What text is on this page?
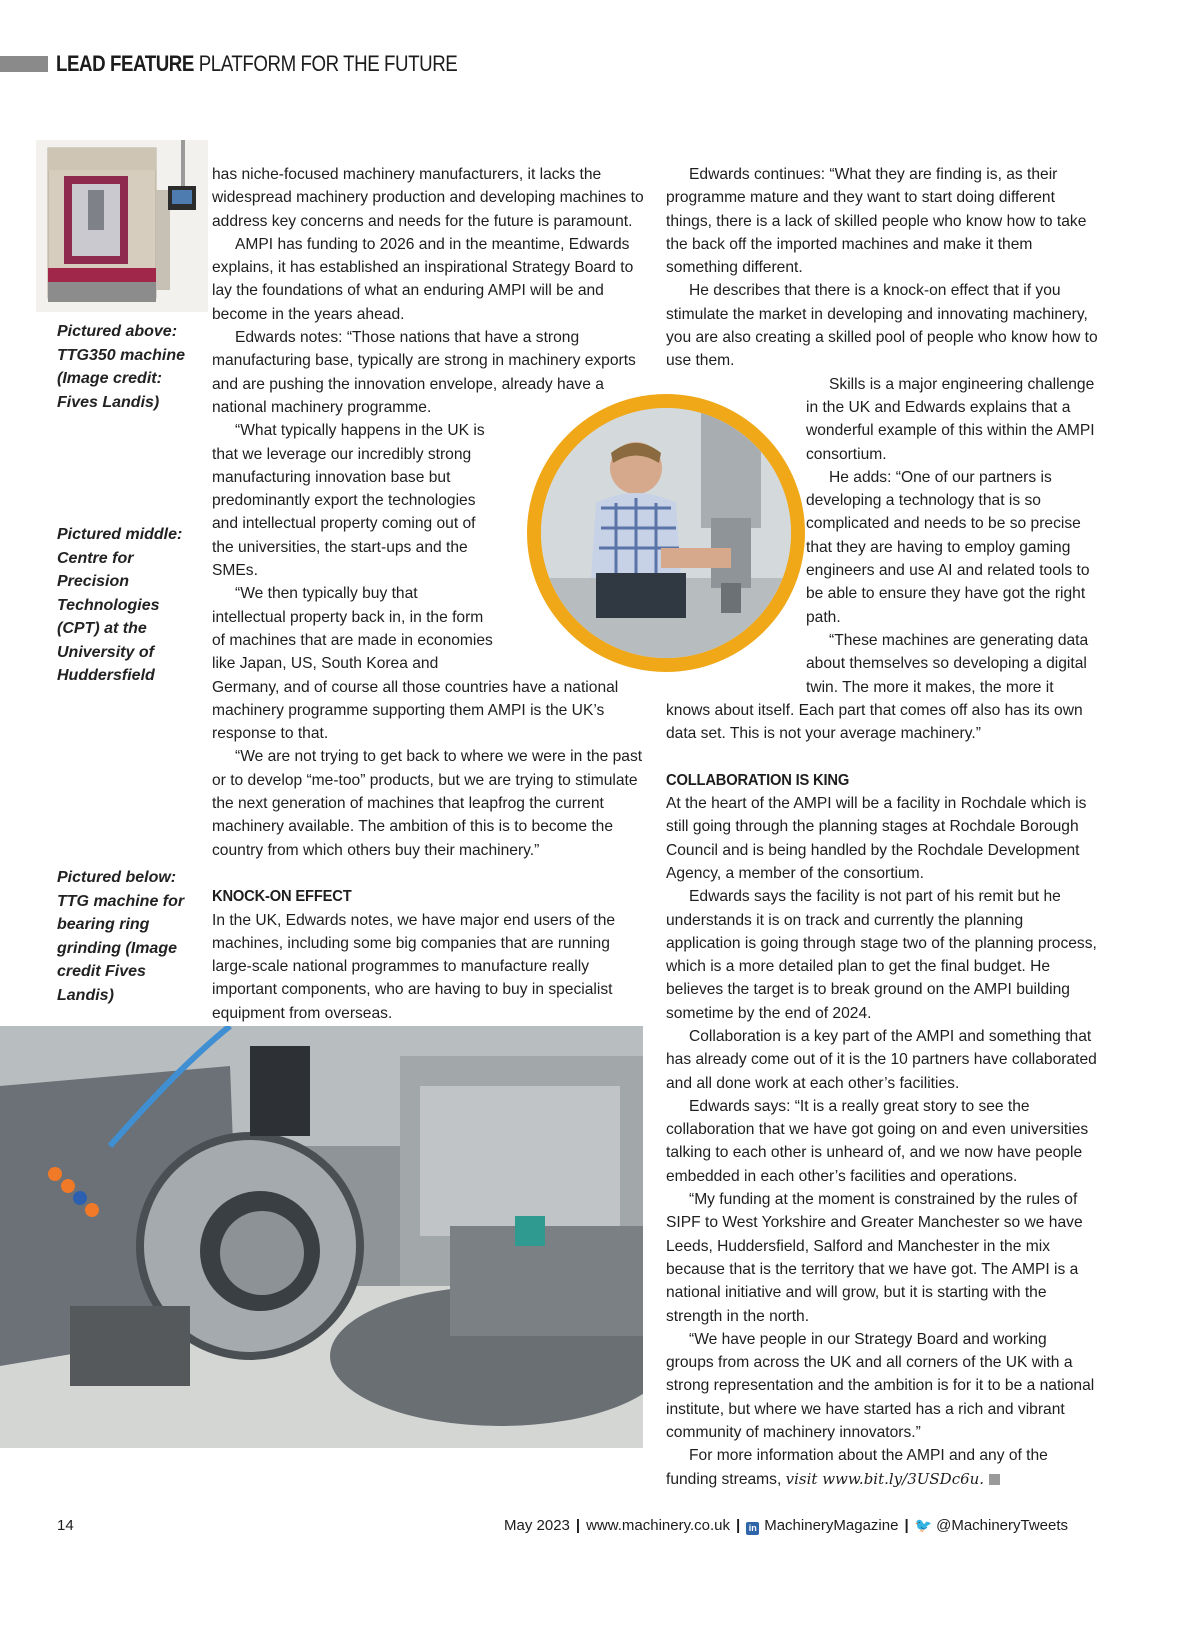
LEAD FEATURE PLATFORM FOR THE FUTURE
Pictured above: TTG350 machine (Image credit: Fives Landis)
Pictured middle: Centre for Precision Technologies (CPT) at the University of Huddersfield
Pictured below: TTG machine for bearing ring grinding (Image credit Fives Landis)

has niche-focused machinery manufacturers, it lacks the widespread machinery production and developing machines to address key concerns and needs for the future is paramount.

AMPI has funding to 2026 and in the meantime, Edwards explains, it has established an inspirational Strategy Board to lay the foundations of what an enduring AMPI will be and become in the years ahead.

Edwards notes: “Those nations that have a strong manufacturing base, typically are strong in machinery exports and are pushing the innovation envelope, already have a national machinery programme.

“What typically happens in the UK is that we leverage our incredibly strong manufacturing innovation base but predominantly export the technologies and intellectual property coming out of the universities, the start-ups and the SMEs.

“We then typically buy that intellectual property back in, in the form of machines that are made in economies like Japan, US, South Korea and Germany, and of course all those countries have a national machinery programme supporting them AMPI is the UK’s response to that.

“We are not trying to get back to where we were in the past or to develop “me-too” products, but we are trying to stimulate the next generation of machines that leapfrog the current machinery available. The ambition of this is to become the country from which others buy their machinery.”

KNOCK-ON EFFECT

In the UK, Edwards notes, we have major end users of the machines, including some big companies that are running large-scale national programmes to manufacture really important components, who are having to buy in specialist equipment from overseas.

Edwards continues: “What they are finding is, as their programme mature and they want to start doing different things, there is a lack of skilled people who know how to take the back off the imported machines and make it them something different.

He describes that there is a knock-on effect that if you stimulate the market in developing and innovating machinery, you are also creating a skilled pool of people who know how to use them.

Skills is a major engineering challenge in the UK and Edwards explains that a wonderful example of this within the AMPI consortium.

He adds: “One of our partners is developing a technology that is so complicated and needs to be so precise that they are having to employ gaming engineers and use AI and related tools to be able to ensure they have got the right path.

“These machines are generating data about themselves so developing a digital twin. The more it makes, the more it knows about itself. Each part that comes off also has its own data set. This is not your average machinery.”

COLLABORATION IS KING

At the heart of the AMPI will be a facility in Rochdale which is still going through the planning stages at Rochdale Borough Council and is being handled by the Rochdale Development Agency, a member of the consortium.

Edwards says the facility is not part of his remit but he understands it is on track and currently the planning application is going through stage two of the planning process, which is a more detailed plan to get the final budget. He believes the target is to break ground on the AMPI building sometime by the end of 2024.

Collaboration is a key part of the AMPI and something that has already come out of it is the 10 partners have collaborated and all done work at each other’s facilities.

Edwards says: “It is a really great story to see the collaboration that we have got going on and even universities talking to each other is unheard of, and we now have people embedded in each other’s facilities and operations.

“My funding at the moment is constrained by the rules of SIPF to West Yorkshire and Greater Manchester so we have Leeds, Huddersfield, Salford and Manchester in the mix because that is the territory that we have got. The AMPI is a national initiative and will grow, but it is starting with the strength in the north.

“We have people in our Strategy Board and working groups from across the UK and all corners of the UK with a strong representation and the ambition is for it to be a national institute, but where we have started has a rich and vibrant community of machinery innovators.”

For more information about the AMPI and any of the funding streams, visit www.bit.ly/3USDc6u.

14	May 2023 | www.machinery.co.uk | in MachineryMagazine | 🐦 @MachineryTweets
